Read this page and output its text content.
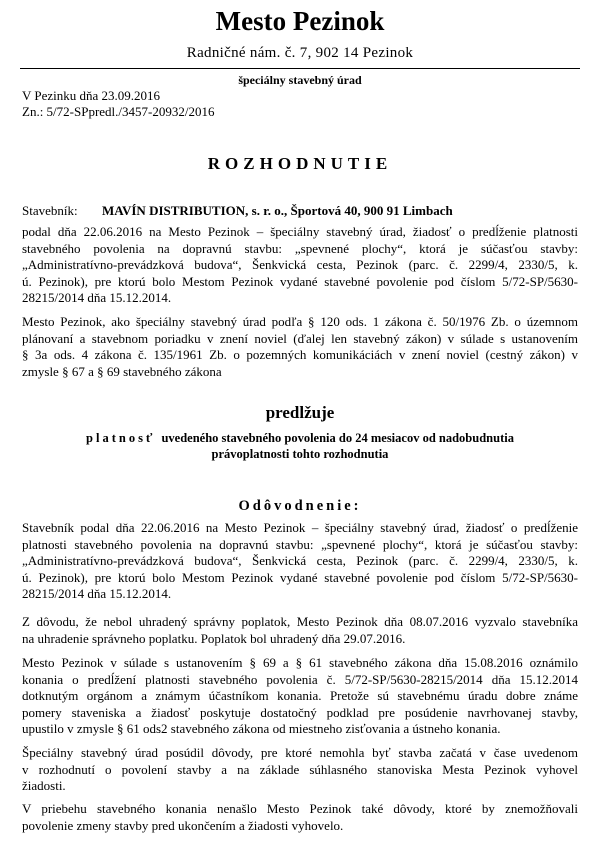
Mesto Pezinok
Radničné nám. č. 7, 902 14 Pezinok
špeciálny stavebný úrad
V Pezinku dňa 23.09.2016
Zn.: 5/72-SPpredl./3457-20932/2016
ROZHODNUTIE
Stavebník: MAVÍN DISTRIBUTION, s. r. o., Športová 40, 900 91 Limbach
podal dňa 22.06.2016 na Mesto Pezinok – špeciálny stavebný úrad, žiadosť o predĺženie platnosti
stavebného povolenia na dopravnú stavbu: „spevnené plochy“, ktorá je súčasťou stavby:
„Administratívno-prevádzková budova“, Šenkvická cesta, Pezinok (parc. č. 2299/4, 2330/5, k.
ú. Pezinok), pre ktorú bolo Mestom Pezinok vydané stavebné povolenie pod číslom 5/72-SP/5630-
28215/2014 dňa 15.12.2014.
Mesto Pezinok, ako špeciálny stavebný úrad podľa § 120 ods. 1 zákona č. 50/1976 Zb. o územnom
plánovaní a stavebnom poriadku v znení noviel (ďalej len stavebný zákon) v súlade s ustanovením
§ 3a ods. 4 zákona č. 135/1961 Zb. o pozemných komunikáciách v znení noviel (cestný zákon) v
zmysle § 67 a § 69 stavebného zákona
predlžuje
platnosť uvedeného stavebného povolenia do 24 mesiacov od nadobudnutia
právoplatnosti tohto rozhodnutia
Odôvodnenie:
Stavebník podal dňa 22.06.2016 na Mesto Pezinok – špeciálny stavebný úrad, žiadosť o predĺženie
platnosti stavebného povolenia na dopravnú stavbu: „spevnené plochy“, ktorá je súčasťou stavby:
„Administratívno-prevádzková budova“, Šenkvická cesta, Pezinok (parc. č. 2299/4, 2330/5, k.
ú. Pezinok), pre ktorú bolo Mestom Pezinok vydané stavebné povolenie pod číslom 5/72-SP/5630-
28215/2014 dňa 15.12.2014.
Z dôvodu, že nebol uhradený správny poplatok, Mesto Pezinok dňa 08.07.2016 vyzvalo stavebníka
na uhradenie správneho poplatku. Poplatok bol uhradený dňa 29.07.2016.
Mesto Pezinok v súlade s ustanovením § 69 a § 61 stavebného zákona dňa 15.08.2016 oznámilo
konania o predĺžení platnosti stavebného povolenia č. 5/72-SP/5630-28215/2014 dňa 15.12.2014
dotknutým orgánom a známym účastníkom konania. Pretože sú stavebnému úradu dobre známe
pomery staveniska a žiadosť poskytuje dostatočný podklad pre posúdenie navrhovanej stavby,
upustilo v zmysle § 61 ods2 stavebného zákona od miestneho zisťovania a ústneho konania.
Špeciálny stavebný úrad posúdil dôvody, pre ktoré nemohla byť stavba začatá v čase uvedenom
v rozhodnutí o povolení stavby a na základe súhlasného stanoviska Mesta Pezinok vyhovel
žiadosti.
V priebehu stavebného konania nenašlo Mesto Pezinok také dôvody, ktoré by znemožňovali
povolenie zmeny stavby pred ukončením a žiadosti vyhovelo.
